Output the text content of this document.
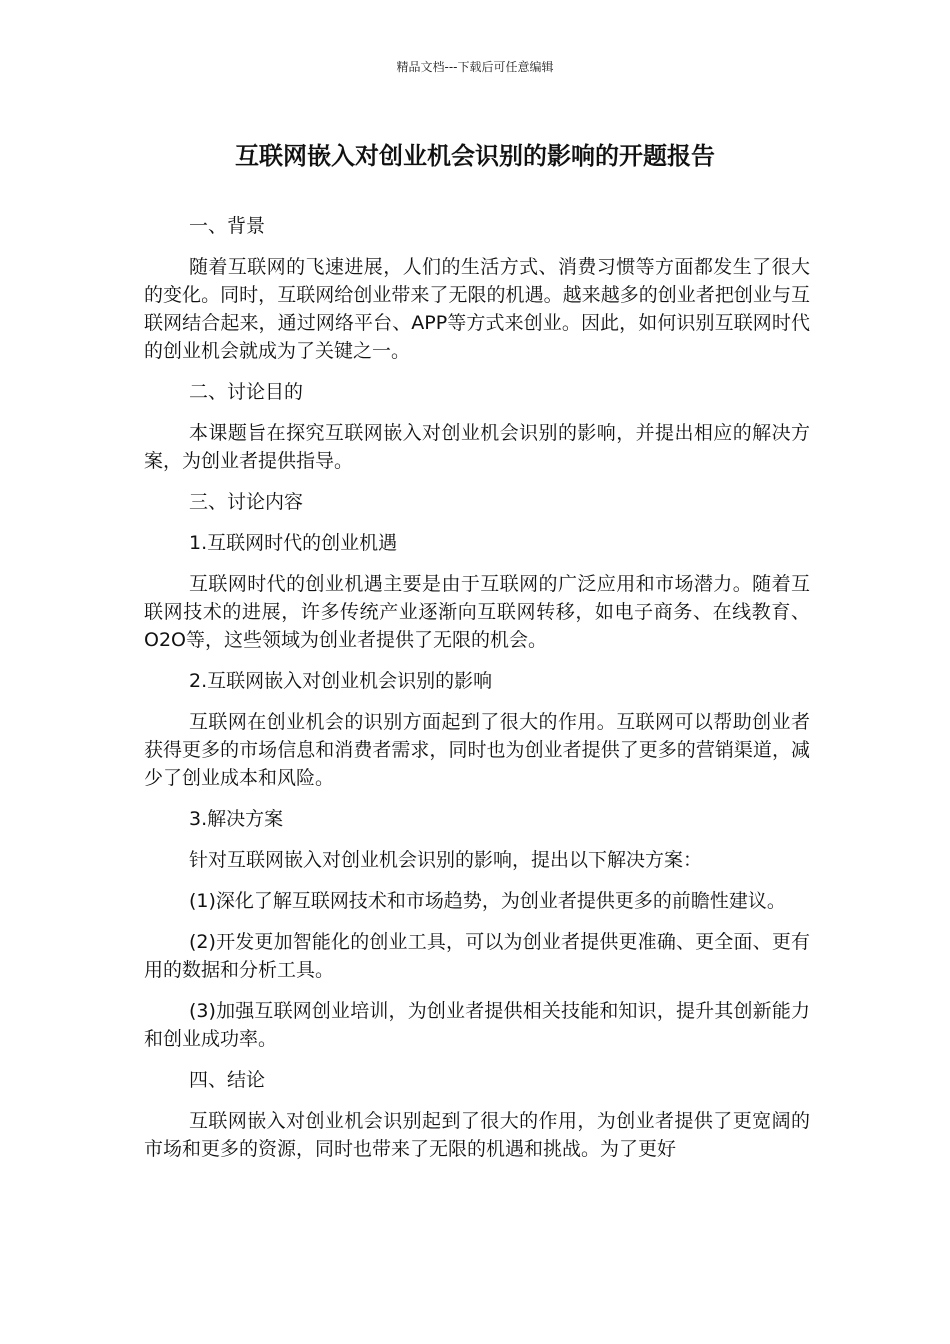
精品文档---下载后可任意编辑
互联网嵌入对创业机会识别的影响的开题报告

一、背景

随着互联网的飞速进展，人们的生活方式、消费习惯等方面都发生了很大的变化。同时，互联网给创业带来了无限的机遇。越来越多的创业者把创业与互联网结合起来，通过网络平台、APP等方式来创业。因此，如何识别互联网时代的创业机会就成为了关键之一。

二、讨论目的

本课题旨在探究互联网嵌入对创业机会识别的影响，并提出相应的解决方案，为创业者提供指导。

三、讨论内容

1.互联网时代的创业机遇

互联网时代的创业机遇主要是由于互联网的广泛应用和市场潜力。随着互联网技术的进展，许多传统产业逐渐向互联网转移，如电子商务、在线教育、O2O等，这些领域为创业者提供了无限的机会。

2.互联网嵌入对创业机会识别的影响

互联网在创业机会的识别方面起到了很大的作用。互联网可以帮助创业者获得更多的市场信息和消费者需求，同时也为创业者提供了更多的营销渠道，减少了创业成本和风险。

3.解决方案

针对互联网嵌入对创业机会识别的影响，提出以下解决方案：

(1)深化了解互联网技术和市场趋势，为创业者提供更多的前瞻性建议。

(2)开发更加智能化的创业工具，可以为创业者提供更准确、更全面、更有用的数据和分析工具。

(3)加强互联网创业培训，为创业者提供相关技能和知识，提升其创新能力和创业成功率。

四、结论

互联网嵌入对创业机会识别起到了很大的作用，为创业者提供了更宽阔的市场和更多的资源，同时也带来了无限的机遇和挑战。为了更好
